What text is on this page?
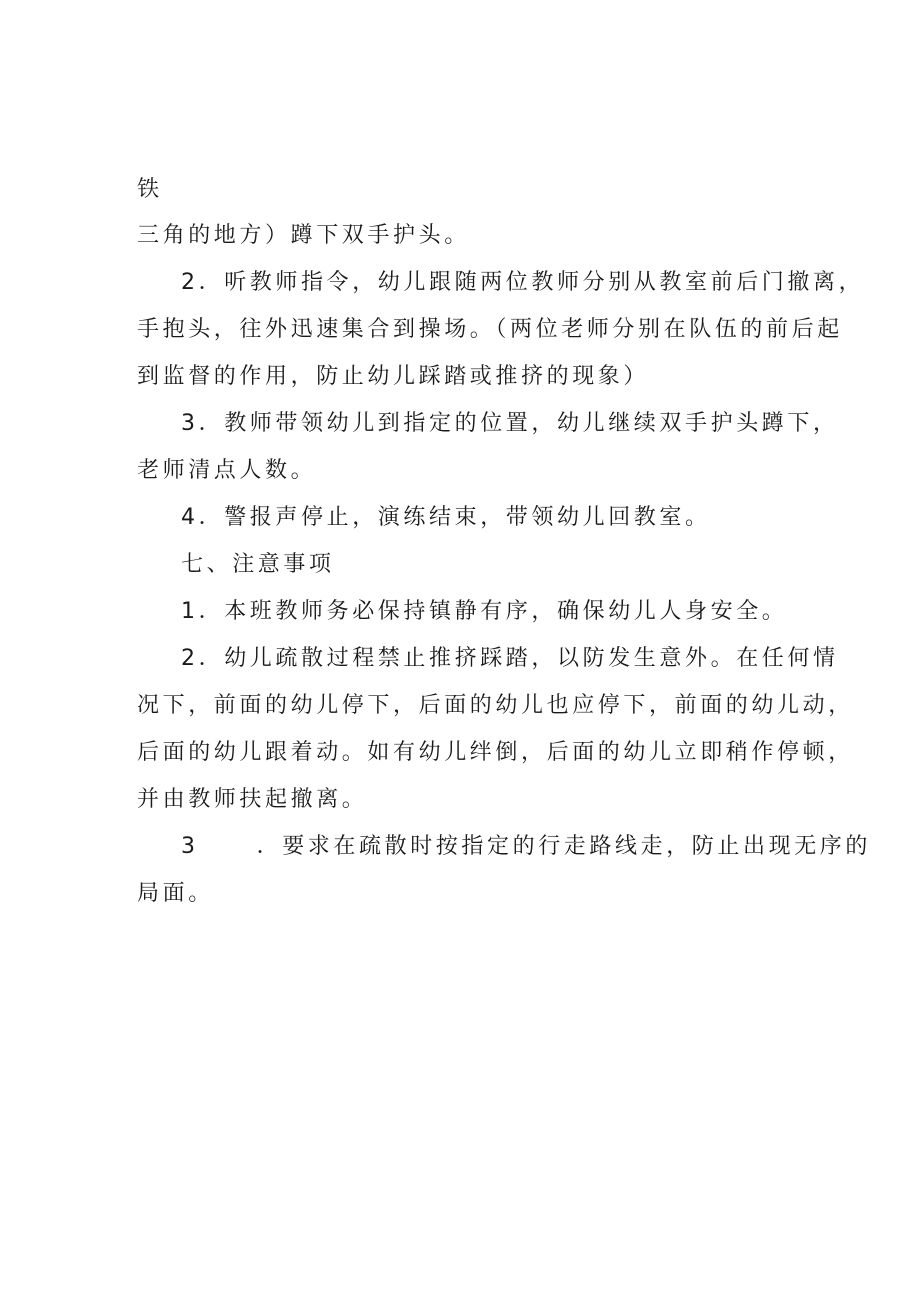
铁
三角的地方）蹲下双手护头。
2．听教师指令，幼儿跟随两位教师分别从教室前后门撤离，
手抱头，往外迅速集合到操场。（两位老师分别在队伍的前后起
到监督的作用，防止幼儿踩踏或推挤的现象）
3．教师带领幼儿到指定的位置，幼儿继续双手护头蹲下，
老师清点人数。
4．警报声停止，演练结束，带领幼儿回教室。
七、注意事项
1．本班教师务必保持镇静有序，确保幼儿人身安全。
2．幼儿疏散过程禁止推挤踩踏，以防发生意外。在任何情
况下，前面的幼儿停下，后面的幼儿也应停下，前面的幼儿动，
后面的幼儿跟着动。如有幼儿绊倒，后面的幼儿立即稍作停顿，
并由教师扶起撤离。
3	．要求在疏散时按指定的行走路线走，防止出现无序的
局面。
